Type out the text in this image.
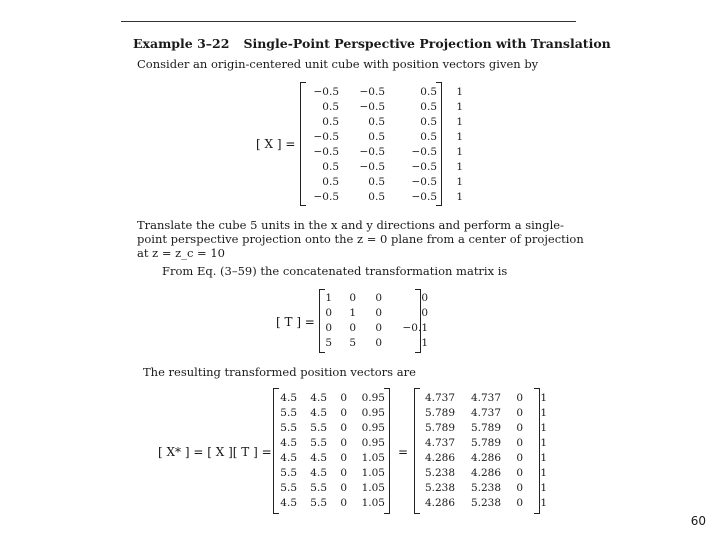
Example 3–22 Single-Point Perspective Projection with Translation
Consider an origin-centered unit cube with position vectors given by
[ X ] =
−0.5	−0.5	0.5	1
0.5	−0.5	0.5	1
0.5	0.5	0.5	1
−0.5	0.5	0.5	1
−0.5	−0.5	−0.5	1
0.5	−0.5	−0.5	1
0.5	0.5	−0.5	1
−0.5	0.5	−0.5	1
Translate the cube 5 units in the x and y directions and perform a single-
point perspective projection onto the z = 0 plane from a center of projection
at z = z_c = 10
From Eq. (3–59) the concatenated transformation matrix is
[ T ] =
1	0	0	0
0	1	0	0
0	0	0	−0.1
5	5	0	1
The resulting transformed position vectors are
[ X* ] = [ X ][ T ] =
4.5	4.5	0	0.95
5.5	4.5	0	0.95
5.5	5.5	0	0.95
4.5	5.5	0	0.95
4.5	4.5	0	1.05
5.5	4.5	0	1.05
5.5	5.5	0	1.05
4.5	5.5	0	1.05
=
4.737	4.737	0	1
5.789	4.737	0	1
5.789	5.789	0	1
4.737	5.789	0	1
4.286	4.286	0	1
5.238	4.286	0	1
5.238	5.238	0	1
4.286	5.238	0	1
60
